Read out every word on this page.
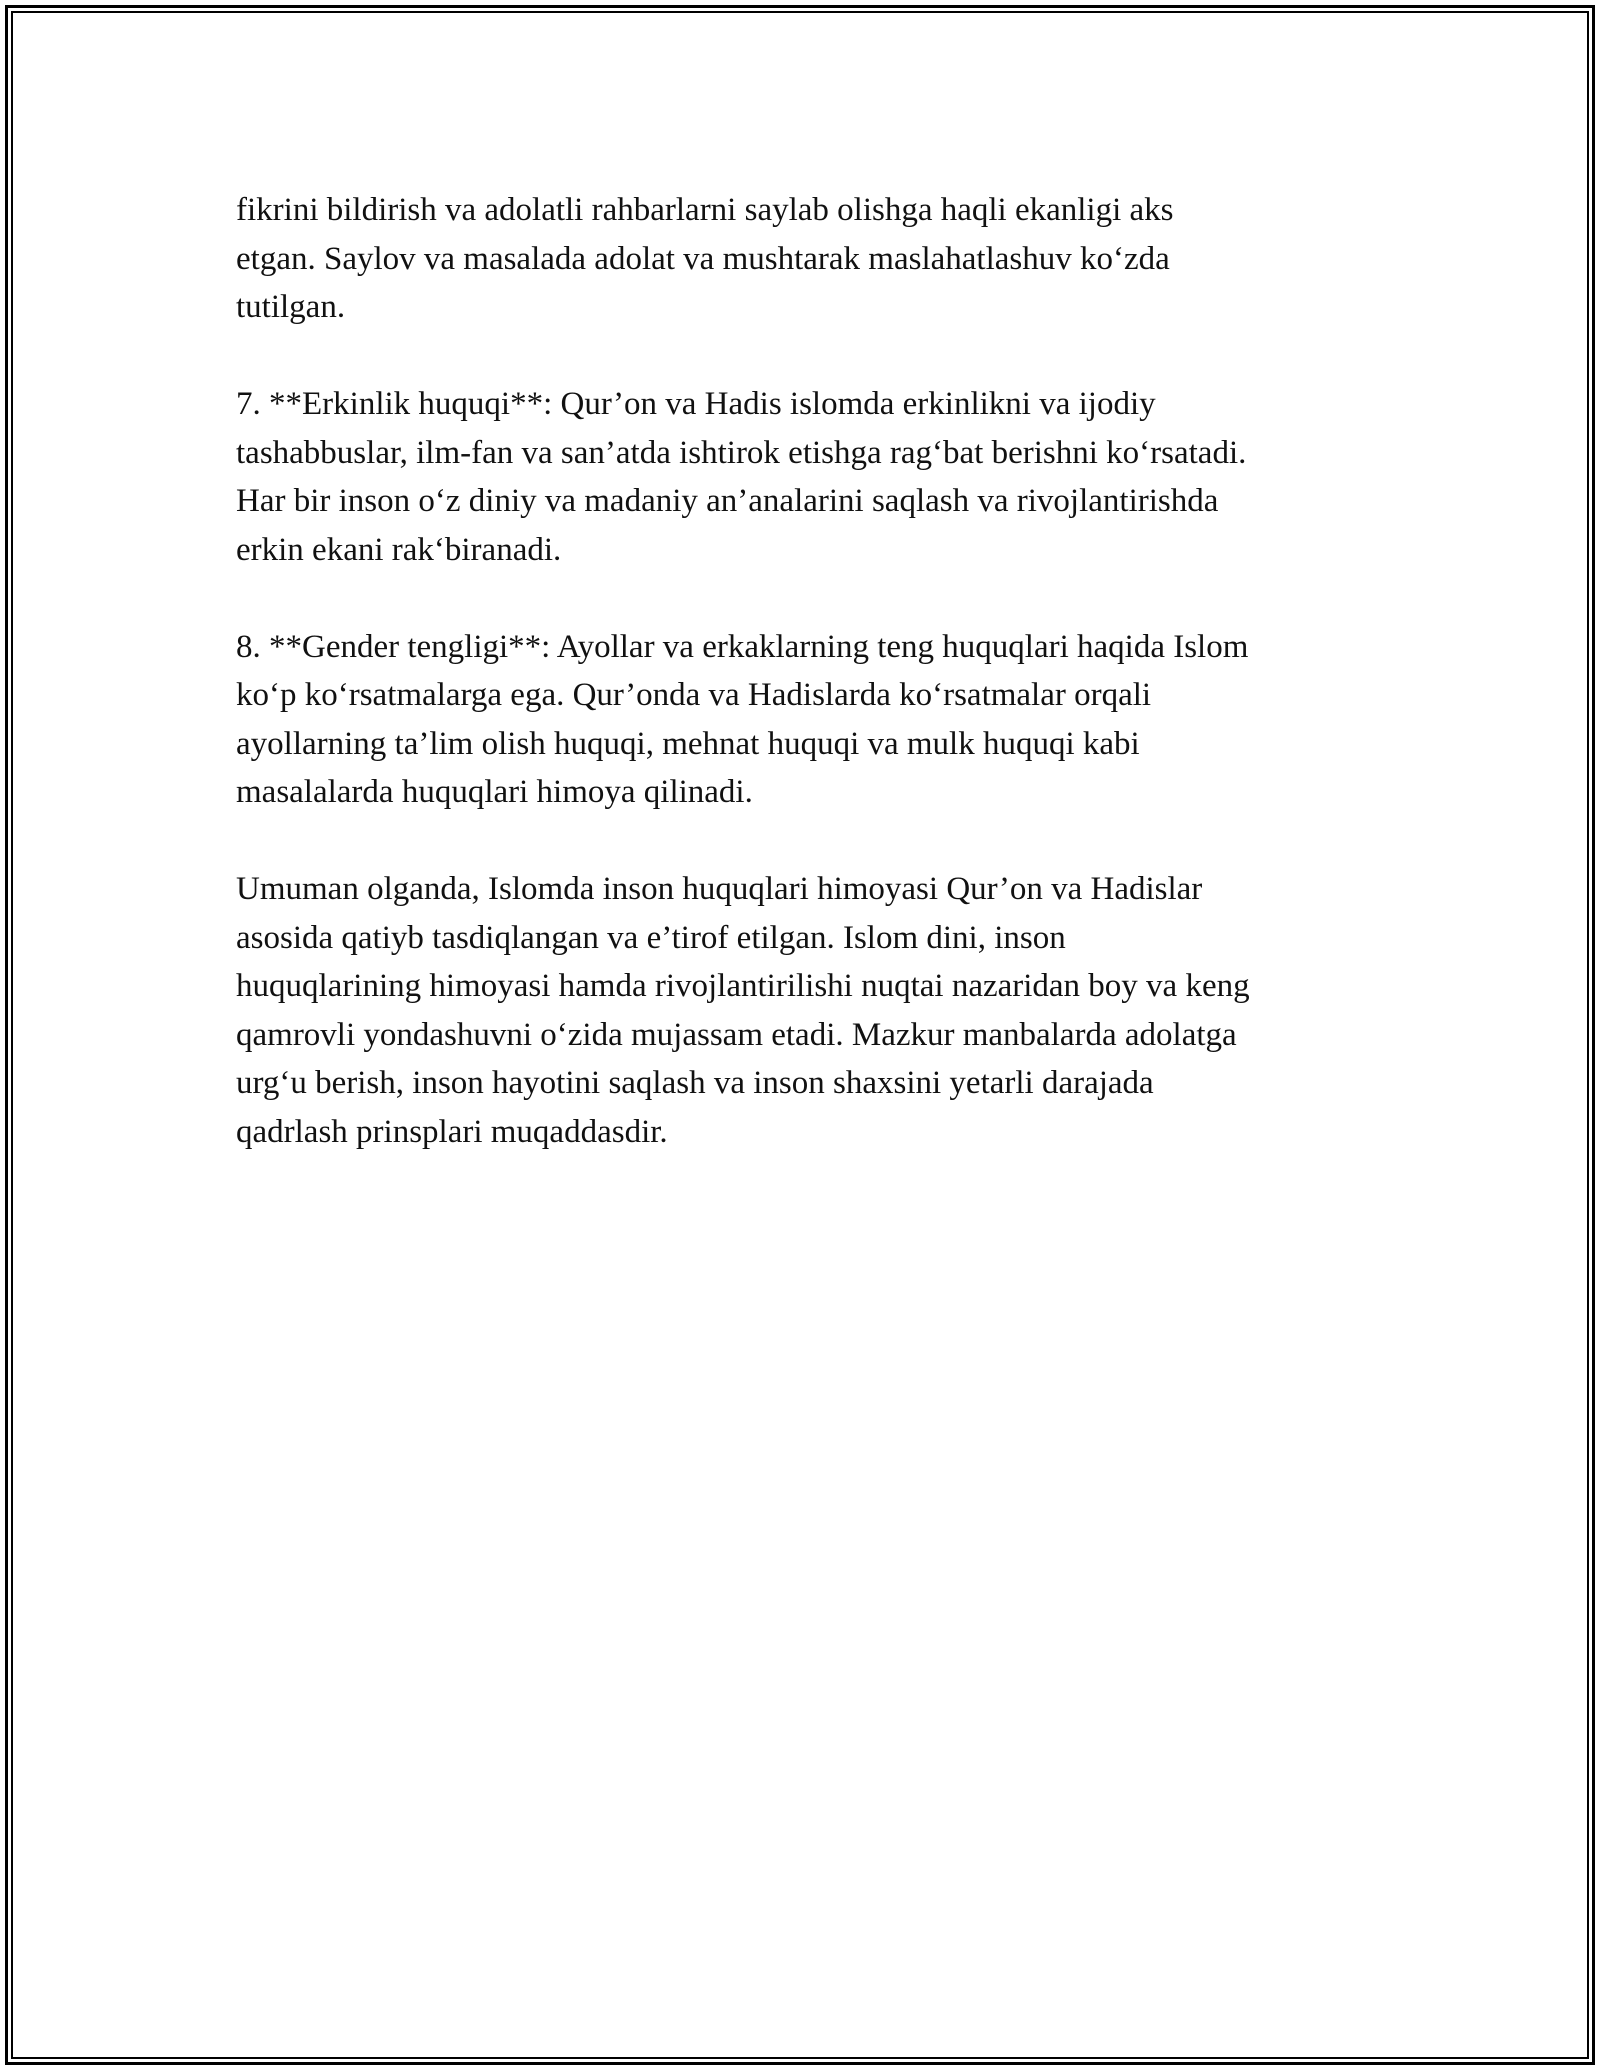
fikrini bildirish va adolatli rahbarlarni saylab olishga haqli ekanligi aks
etgan. Saylov va masalada adolat va mushtarak maslahatlashuv ko‘zda
tutilgan.

7. **Erkinlik huquqi**: Qur’on va Hadis islomda erkinlikni va ijodiy
tashabbuslar, ilm-fan va san’atda ishtirok etishga rag‘bat berishni ko‘rsatadi.
Har bir inson o‘z diniy va madaniy an’analarini saqlash va rivojlantirishda
erkin ekani rak‘biranadi.

8. **Gender tengligi**: Ayollar va erkaklarning teng huquqlari haqida Islom
ko‘p ko‘rsatmalarga ega. Qur’onda va Hadislarda ko‘rsatmalar orqali
ayollarning ta’lim olish huquqi, mehnat huquqi va mulk huquqi kabi
masalalarda huquqlari himoya qilinadi.

Umuman olganda, Islomda inson huquqlari himoyasi Qur’on va Hadislar
asosida qatiyb tasdiqlangan va e’tirof etilgan. Islom dini, inson
huquqlarining himoyasi hamda rivojlantirilishi nuqtai nazaridan boy va keng
qamrovli yondashuvni o‘zida mujassam etadi. Mazkur manbalarda adolatga
urg‘u berish, inson hayotini saqlash va inson shaxsini yetarli darajada
qadrlash prinsplari muqaddasdir.
